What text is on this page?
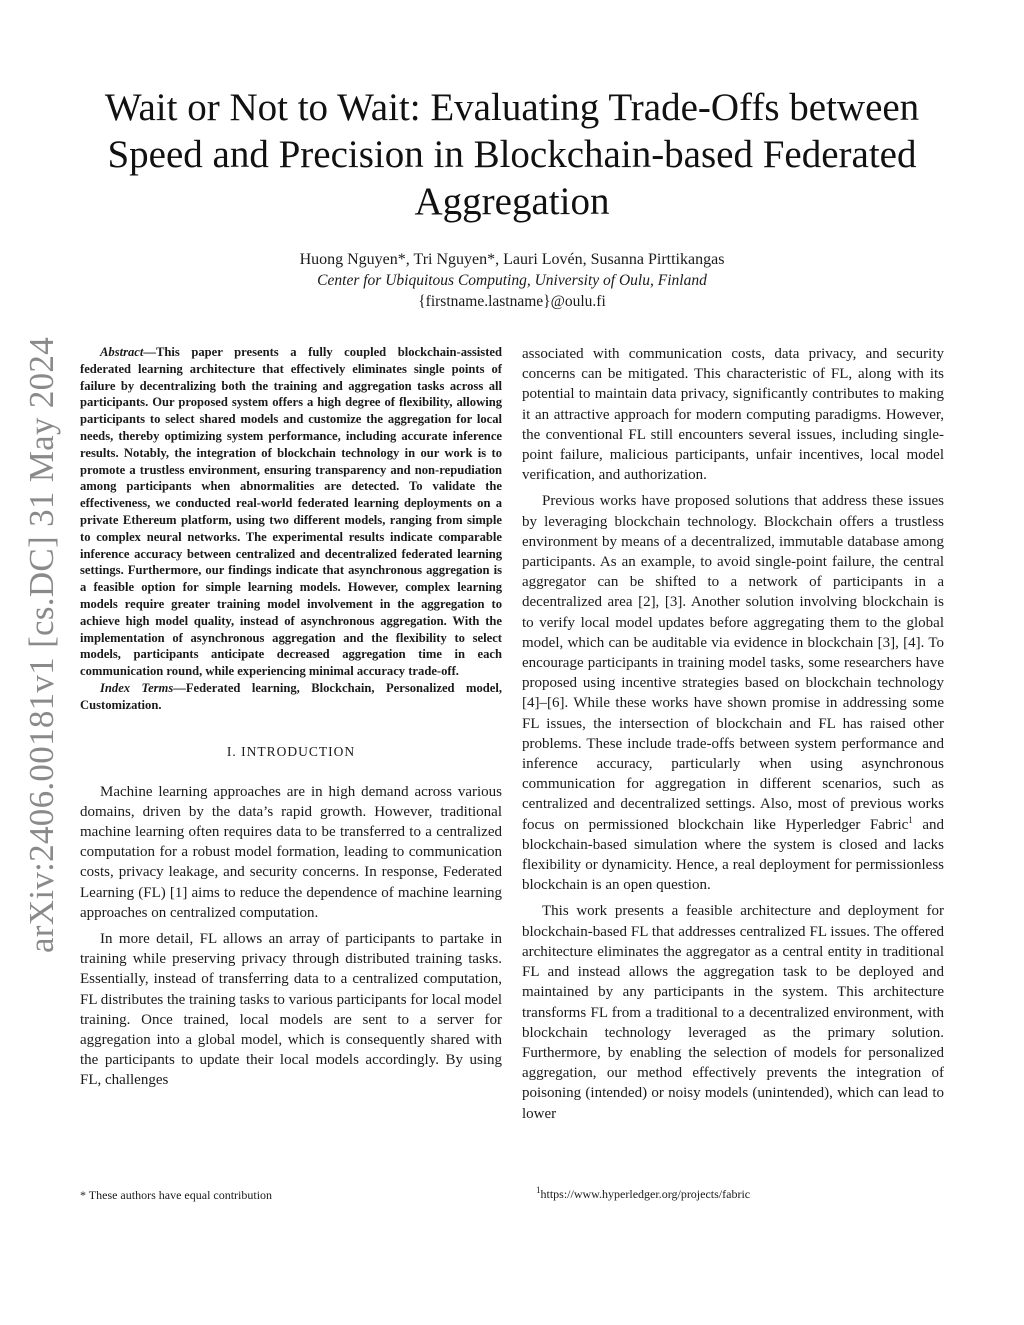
arXiv:2406.00181v1 [cs.DC] 31 May 2024
Wait or Not to Wait: Evaluating Trade-Offs between Speed and Precision in Blockchain-based Federated Aggregation
Huong Nguyen*, Tri Nguyen*, Lauri Lovén, Susanna Pirttikangas
Center for Ubiquitous Computing, University of Oulu, Finland
{firstname.lastname}@oulu.fi

Abstract—This paper presents a fully coupled blockchain-assisted federated learning architecture that effectively eliminates single points of failure by decentralizing both the training and aggregation tasks across all participants. Our proposed system offers a high degree of flexibility, allowing participants to select shared models and customize the aggregation for local needs, thereby optimizing system performance, including accurate inference results. Notably, the integration of blockchain technology in our work is to promote a trustless environment, ensuring transparency and non-repudiation among participants when abnormalities are detected. To validate the effectiveness, we conducted real-world federated learning deployments on a private Ethereum platform, using two different models, ranging from simple to complex neural networks. The experimental results indicate comparable inference accuracy between centralized and decentralized federated learning settings. Furthermore, our findings indicate that asynchronous aggregation is a feasible option for simple learning models. However, complex learning models require greater training model involvement in the aggregation to achieve high model quality, instead of asynchronous aggregation. With the implementation of asynchronous aggregation and the flexibility to select models, participants anticipate decreased aggregation time in each communication round, while experiencing minimal accuracy trade-off.

Index Terms—Federated learning, Blockchain, Personalized model, Customization.

I. INTRODUCTION

Machine learning approaches are in high demand across various domains, driven by the data’s rapid growth. However, traditional machine learning often requires data to be transferred to a centralized computation for a robust model formation, leading to communication costs, privacy leakage, and security concerns. In response, Federated Learning (FL) [1] aims to reduce the dependence of machine learning approaches on centralized computation.

In more detail, FL allows an array of participants to partake in training while preserving privacy through distributed training tasks. Essentially, instead of transferring data to a centralized computation, FL distributes the training tasks to various participants for local model training. Once trained, local models are sent to a server for aggregation into a global model, which is consequently shared with the participants to update their local models accordingly. By using FL, challenges

associated with communication costs, data privacy, and security concerns can be mitigated. This characteristic of FL, along with its potential to maintain data privacy, significantly contributes to making it an attractive approach for modern computing paradigms. However, the conventional FL still encounters several issues, including single-point failure, malicious participants, unfair incentives, local model verification, and authorization.

Previous works have proposed solutions that address these issues by leveraging blockchain technology. Blockchain offers a trustless environment by means of a decentralized, immutable database among participants. As an example, to avoid single-point failure, the central aggregator can be shifted to a network of participants in a decentralized area [2], [3]. Another solution involving blockchain is to verify local model updates before aggregating them to the global model, which can be auditable via evidence in blockchain [3], [4]. To encourage participants in training model tasks, some researchers have proposed using incentive strategies based on blockchain technology [4]–[6]. While these works have shown promise in addressing some FL issues, the intersection of blockchain and FL has raised other problems. These include trade-offs between system performance and inference accuracy, particularly when using asynchronous communication for aggregation in different scenarios, such as centralized and decentralized settings. Also, most of previous works focus on permissioned blockchain like Hyperledger Fabric$^1$ and blockchain-based simulation where the system is closed and lacks flexibility or dynamicity. Hence, a real deployment for permissionless blockchain is an open question.

This work presents a feasible architecture and deployment for blockchain-based FL that addresses centralized FL issues. The offered architecture eliminates the aggregator as a central entity in traditional FL and instead allows the aggregation task to be deployed and maintained by any participants in the system. This architecture transforms FL from a traditional to a decentralized environment, with blockchain technology leveraged as the primary solution. Furthermore, by enabling the selection of models for personalized aggregation, our method effectively prevents the integration of poisoning (intended) or noisy models (unintended), which can lead to lower

* These authors have equal contribution	$^1$https://www.hyperledger.org/projects/fabric
